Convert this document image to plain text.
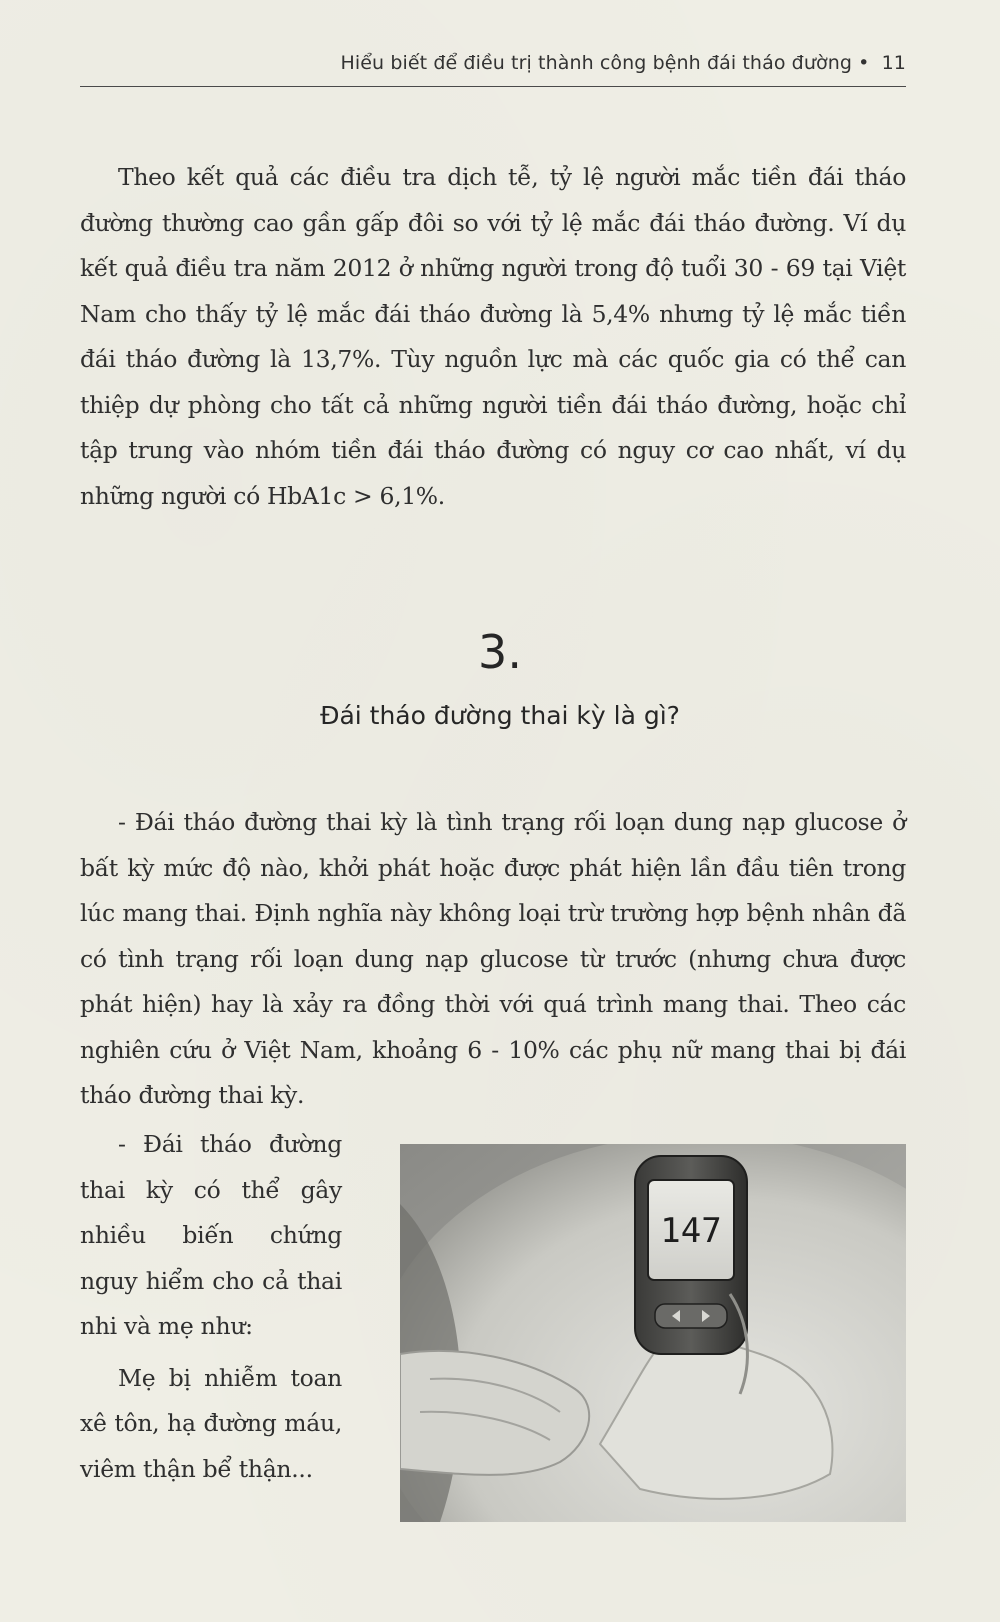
Hiểu biết để điều trị thành công bệnh đái tháo đường • 11

Theo kết quả các điều tra dịch tễ, tỷ lệ người mắc tiền đái tháo đường thường cao gần gấp đôi so với tỷ lệ mắc đái tháo đường. Ví dụ kết quả điều tra năm 2012 ở những người trong độ tuổi 30 - 69 tại Việt Nam cho thấy tỷ lệ mắc đái tháo đường là 5,4% nhưng tỷ lệ mắc tiền đái tháo đường là 13,7%. Tùy nguồn lực mà các quốc gia có thể can thiệp dự phòng cho tất cả những người tiền đái tháo đường, hoặc chỉ tập trung vào nhóm tiền đái tháo đường có nguy cơ cao nhất, ví dụ những người có HbA1c > 6,1%.

3.
Đái tháo đường thai kỳ là gì?

- Đái tháo đường thai kỳ là tình trạng rối loạn dung nạp glucose ở bất kỳ mức độ nào, khởi phát hoặc được phát hiện lần đầu tiên trong lúc mang thai. Định nghĩa này không loại trừ trường hợp bệnh nhân đã có tình trạng rối loạn dung nạp glucose từ trước (nhưng chưa được phát hiện) hay là xảy ra đồng thời với quá trình mang thai. Theo các nghiên cứu ở Việt Nam, khoảng 6 - 10% các phụ nữ mang thai bị đái tháo đường thai kỳ.

- Đái tháo đường thai kỳ có thể gây nhiều biến chứng nguy hiểm cho cả thai nhi và mẹ như:

Mẹ bị nhiễm toan xê tôn, hạ đường máu, viêm thận bể thận...

147
